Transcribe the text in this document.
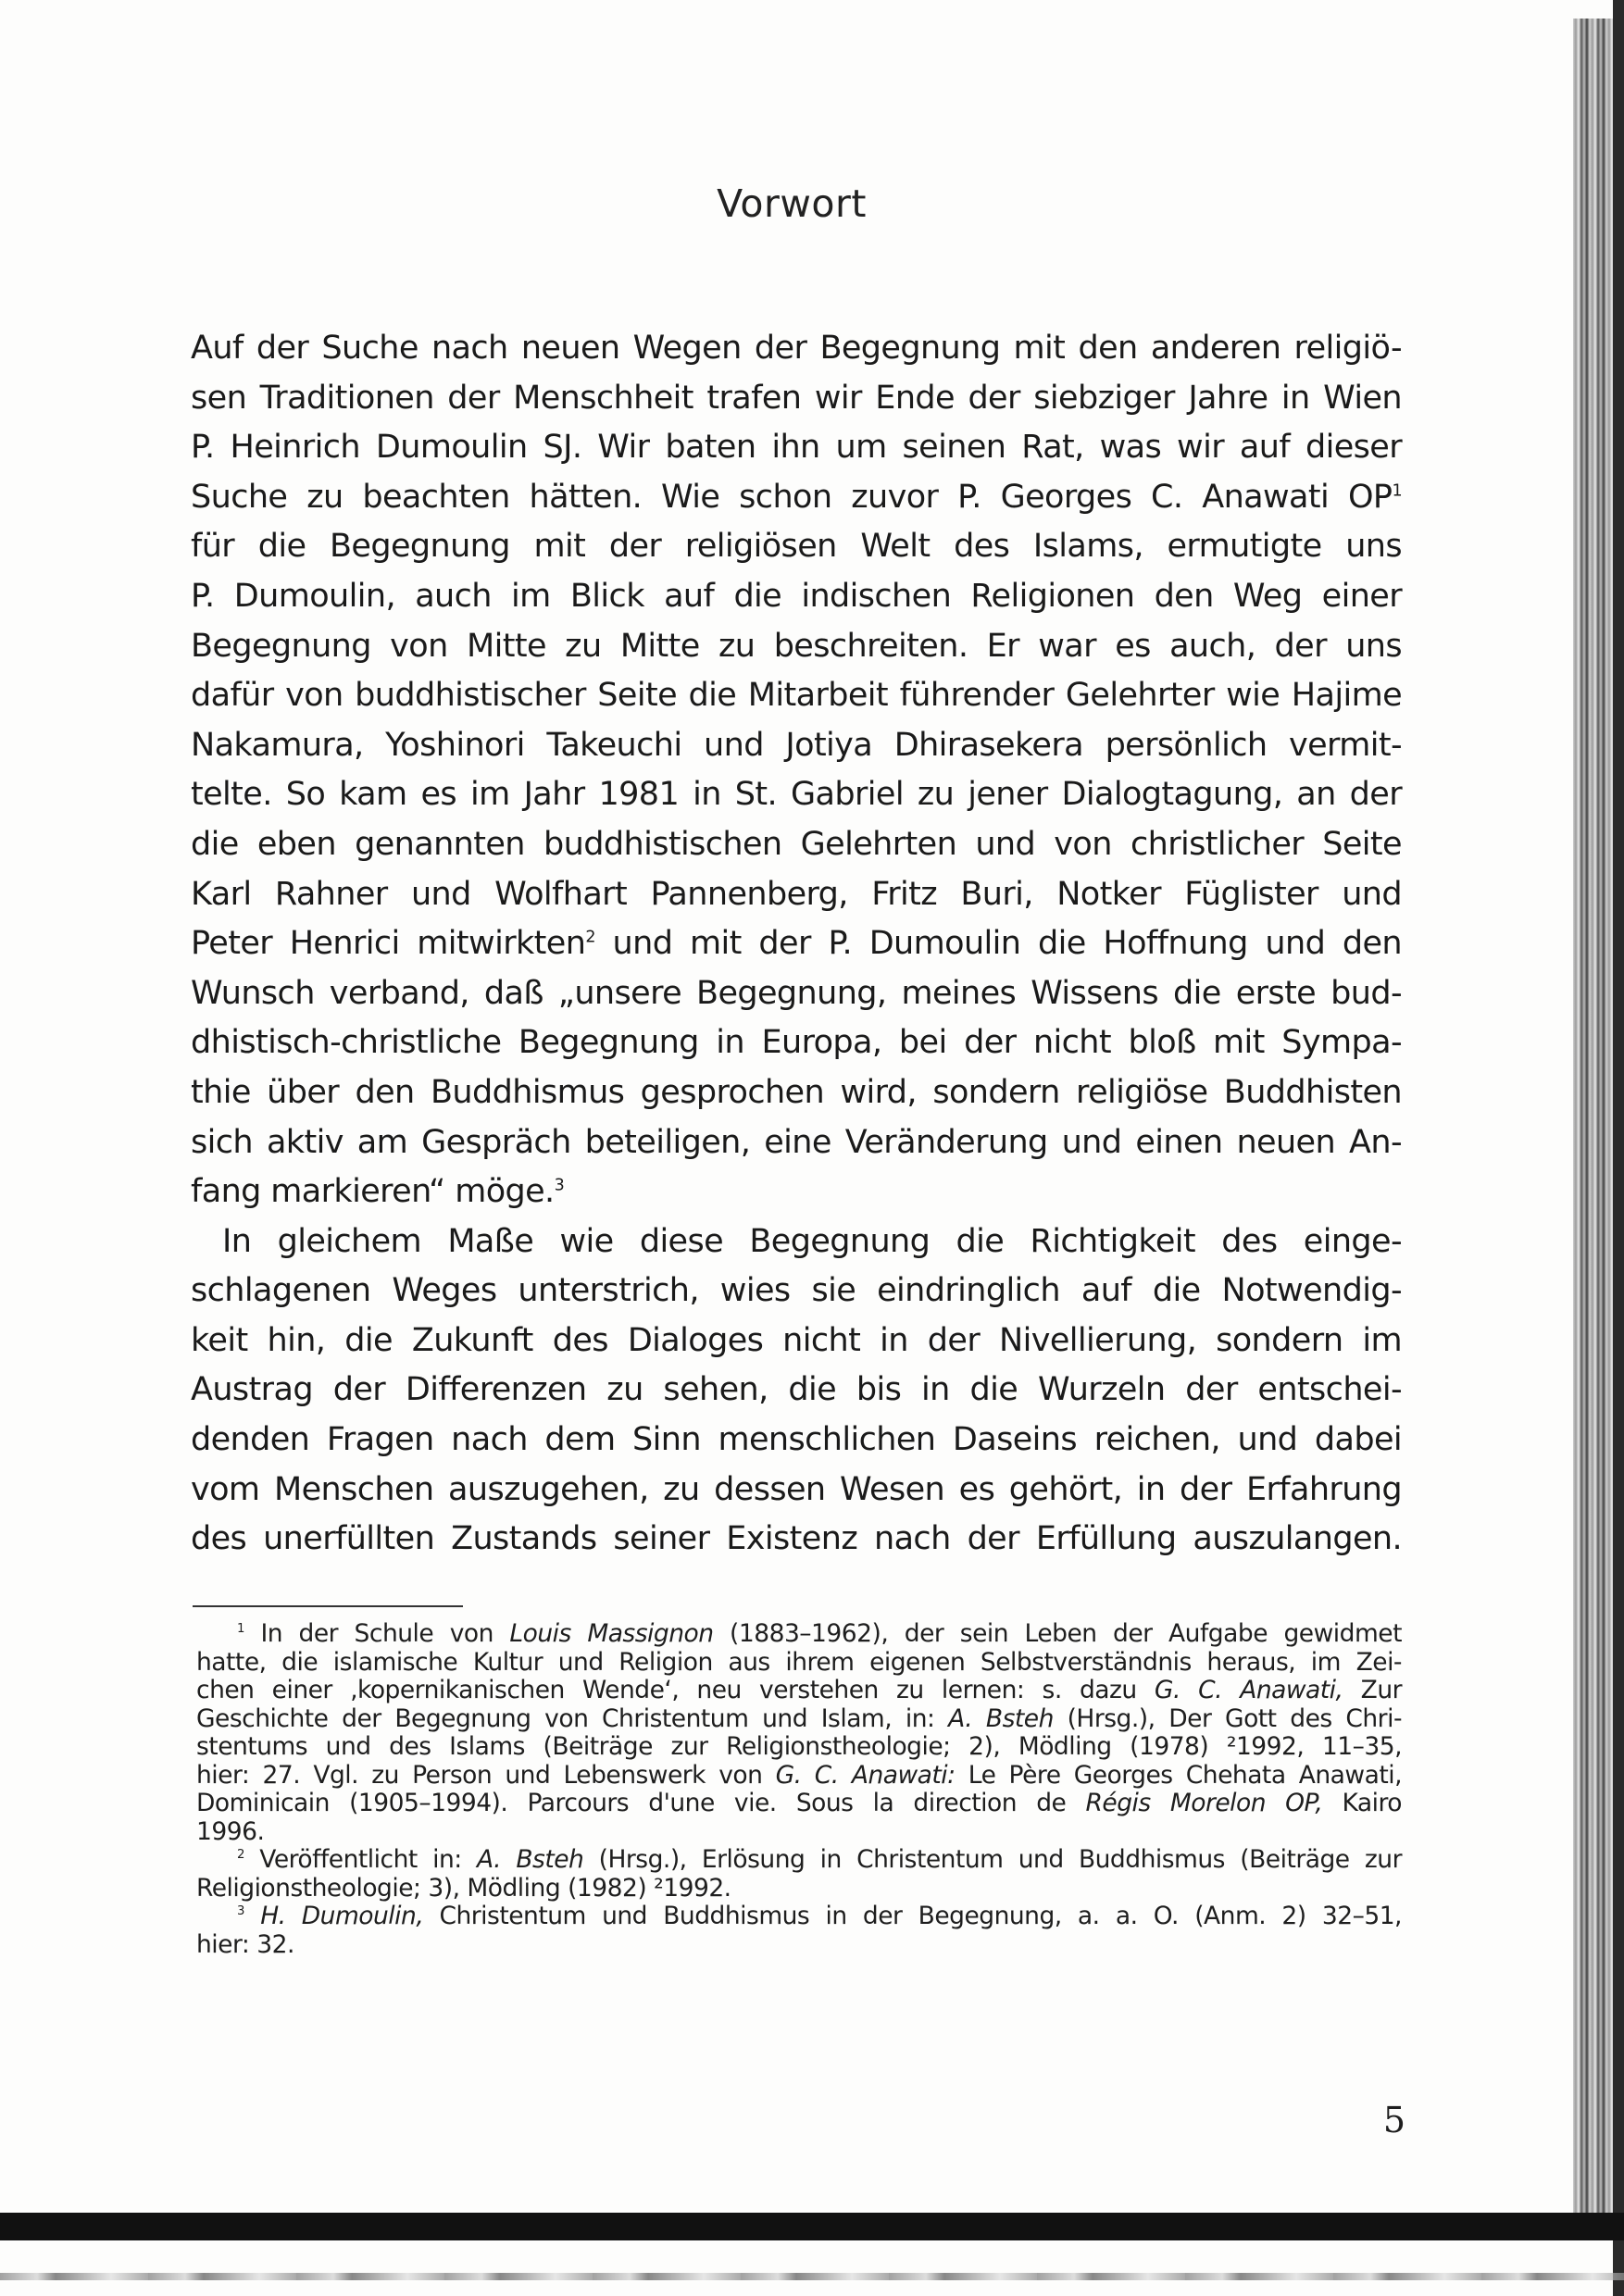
Vorwort
Auf der Suche nach neuen Wegen der Begegnung mit den anderen religiö-
sen Traditionen der Menschheit trafen wir Ende der siebziger Jahre in Wien
P. Heinrich Dumoulin SJ. Wir baten ihn um seinen Rat, was wir auf dieser
Suche zu beachten hätten. Wie schon zuvor P. Georges C. Anawati $OP^1$
für die Begegnung mit der religiösen Welt des Islams, ermutigte uns
P. Dumoulin, auch im Blick auf die indischen Religionen den Weg einer
Begegnung von Mitte zu Mitte zu beschreiten. Er war es auch, der uns
dafür von buddhistischer Seite die Mitarbeit führender Gelehrter wie Hajime
Nakamura, Yoshinori Takeuchi und Jotiya Dhirasekera persönlich vermit-
telte. So kam es im Jahr 1981 in St. Gabriel zu jener Dialogtagung, an der
die eben genannten buddhistischen Gelehrten und von christlicher Seite
Karl Rahner und Wolfhart Pannenberg, Fritz Buri, Notker Füglister und
Peter Henrici mitwirkten$^2$ und mit der P. Dumoulin die Hoffnung und den
Wunsch verband, daß „unsere Begegnung, meines Wissens die erste bud-
dhistisch-christliche Begegnung in Europa, bei der nicht bloß mit Sympa-
thie über den Buddhismus gesprochen wird, sondern religiöse Buddhisten
sich aktiv am Gespräch beteiligen, eine Veränderung und einen neuen An-
fang markieren“ möge.$^3$
In gleichem Maße wie diese Begegnung die Richtigkeit des einge-
schlagenen Weges unterstrich, wies sie eindringlich auf die Notwendig-
keit hin, die Zukunft des Dialoges nicht in der Nivellierung, sondern im
Austrag der Differenzen zu sehen, die bis in die Wurzeln der entschei-
denden Fragen nach dem Sinn menschlichen Daseins reichen, und dabei
vom Menschen auszugehen, zu dessen Wesen es gehört, in der Erfahrung
des unerfüllten Zustands seiner Existenz nach der Erfüllung auszulangen.
$^1$ In der Schule von Louis Massignon (1883–1962), der sein Leben der Aufgabe gewidmet
hatte, die islamische Kultur und Religion aus ihrem eigenen Selbstverständnis heraus, im Zei-
chen einer ‚kopernikanischen Wende‘, neu verstehen zu lernen: s. dazu G. C. Anawati, Zur
Geschichte der Begegnung von Christentum und Islam, in: A. Bsteh (Hrsg.), Der Gott des Chri-
stentums und des Islams (Beiträge zur Religionstheologie; 2), Mödling (1978) ²1992, 11–35,
hier: 27. Vgl. zu Person und Lebenswerk von G. C. Anawati: Le Père Georges Chehata Anawati,
Dominicain (1905–1994). Parcours d'une vie. Sous la direction de Régis Morelon OP, Kairo
1996.
$^2$ Veröffentlicht in: A. Bsteh (Hrsg.), Erlösung in Christentum und Buddhismus (Beiträge zur
Religionstheologie; 3), Mödling (1982) ²1992.
$^3$ H. Dumoulin, Christentum und Buddhismus in der Begegnung, a. a. O. (Anm. 2) 32–51,
hier: 32.
5
